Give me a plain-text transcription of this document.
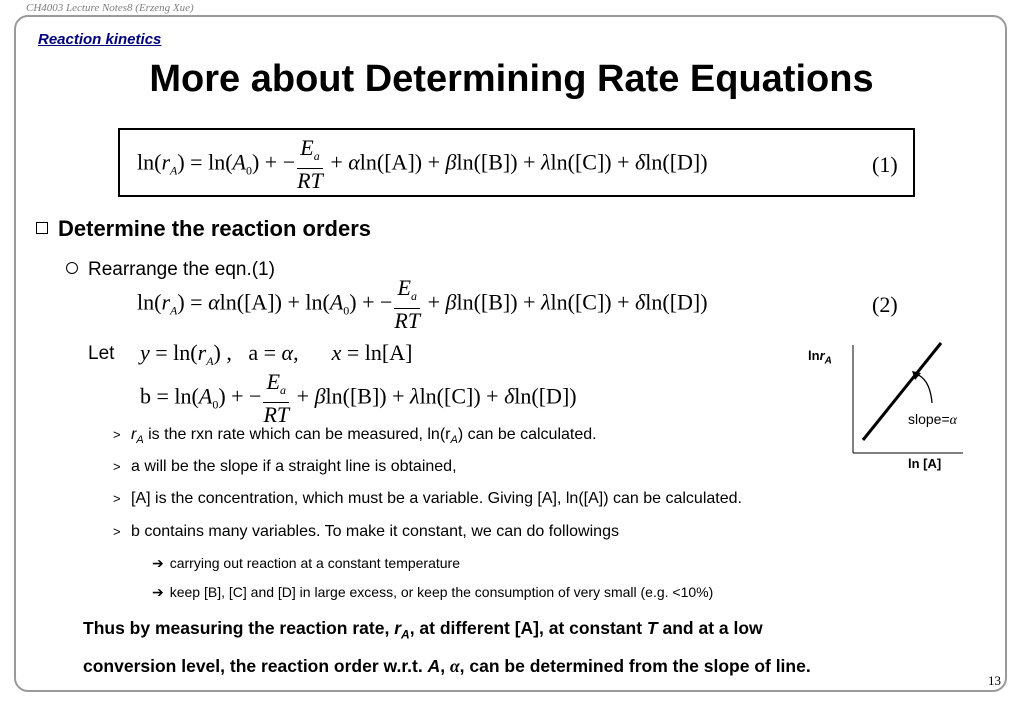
CH4003 Lecture Notes8 (Erzeng Xue)
Reaction kinetics
More about Determining Rate Equations
$\ln(r_A) = \ln(A_0)$ + − $\frac{E_a}{RT} + \alpha\ln([A]) + \beta\ln([B]) + \lambda\ln([C]) + \delta\ln([D])$	(1)
Determine the reaction orders
Rearrange the eqn.(1)
$\ln(r_A) = \alpha\ln([A]) + \ln(A_0)$ + − $\frac{E_a}{RT} + \beta\ln([B]) + \lambda\ln([C]) + \delta\ln([D])$	(2)
Let $y = \ln(r_A)$ ,   a = α,      x = ln[A]
$b = \ln(A_0)$ + − $\frac{E_a}{RT} + \beta\ln([B]) + \lambda\ln([C]) + \delta\ln([D])$
> $r_A$ is the rxn rate which can be measured, $\ln(r_A)$ can be calculated.
> a will be the slope if a straight line is obtained,
> [A] is the concentration, which must be a variable. Giving [A], ln([A]) can be calculated.
> b contains many variables. To make it constant, we can do followings
➔ carrying out reaction at a constant temperature
➔ keep [B], [C] and [D] in large excess, or keep the consumption of very small (e.g. <10%)
Thus by measuring the reaction rate, $r_A$, at different [A], at constant T and at a low
conversion level, the reaction order w.r.t. A, α, can be determined from the slope of line.
lnr$_A$
ln [A]
slope=α
13
